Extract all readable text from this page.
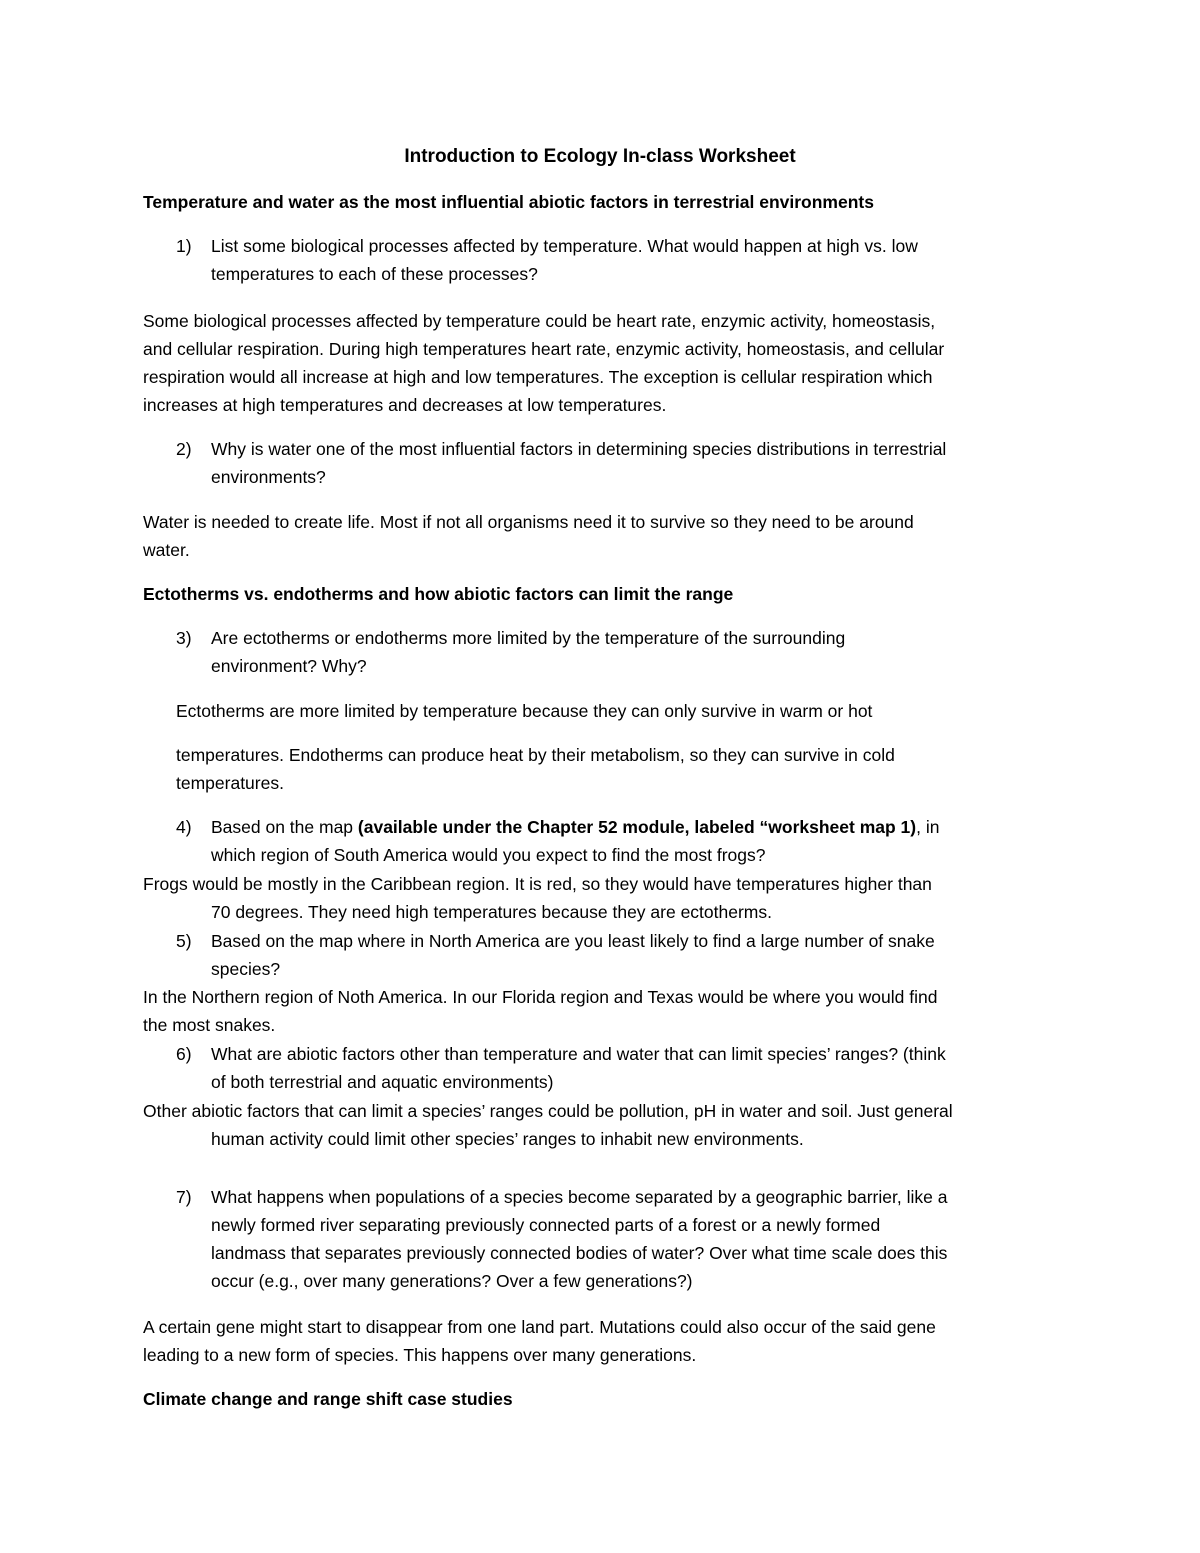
Introduction to Ecology In-class Worksheet
Temperature and water as the most influential abiotic factors in terrestrial environments
1) List some biological processes affected by temperature. What would happen at high vs. low
temperatures to each of these processes?
Some biological processes affected by temperature could be heart rate, enzymic activity, homeostasis,
and cellular respiration. During high temperatures heart rate, enzymic activity, homeostasis, and cellular
respiration would all increase at high and low temperatures. The exception is cellular respiration which
increases at high temperatures and decreases at low temperatures.
2) Why is water one of the most influential factors in determining species distributions in terrestrial
environments?
Water is needed to create life. Most if not all organisms need it to survive so they need to be around
water.
Ectotherms vs. endotherms and how abiotic factors can limit the range
3) Are ectotherms or endotherms more limited by the temperature of the surrounding
environment? Why?
Ectotherms are more limited by temperature because they can only survive in warm or hot
temperatures. Endotherms can produce heat by their metabolism, so they can survive in cold
temperatures.
4) Based on the map (available under the Chapter 52 module, labeled “worksheet map 1), in
which region of South America would you expect to find the most frogs?
Frogs would be mostly in the Caribbean region. It is red, so they would have temperatures higher than
70 degrees. They need high temperatures because they are ectotherms.
5) Based on the map where in North America are you least likely to find a large number of snake
species?
In the Northern region of Noth America. In our Florida region and Texas would be where you would find
the most snakes.
6) What are abiotic factors other than temperature and water that can limit species’ ranges? (think
of both terrestrial and aquatic environments)
Other abiotic factors that can limit a species’ ranges could be pollution, pH in water and soil. Just general
human activity could limit other species’ ranges to inhabit new environments.
7) What happens when populations of a species become separated by a geographic barrier, like a
newly formed river separating previously connected parts of a forest or a newly formed
landmass that separates previously connected bodies of water? Over what time scale does this
occur (e.g., over many generations? Over a few generations?)
A certain gene might start to disappear from one land part. Mutations could also occur of the said gene
leading to a new form of species. This happens over many generations.
Climate change and range shift case studies
